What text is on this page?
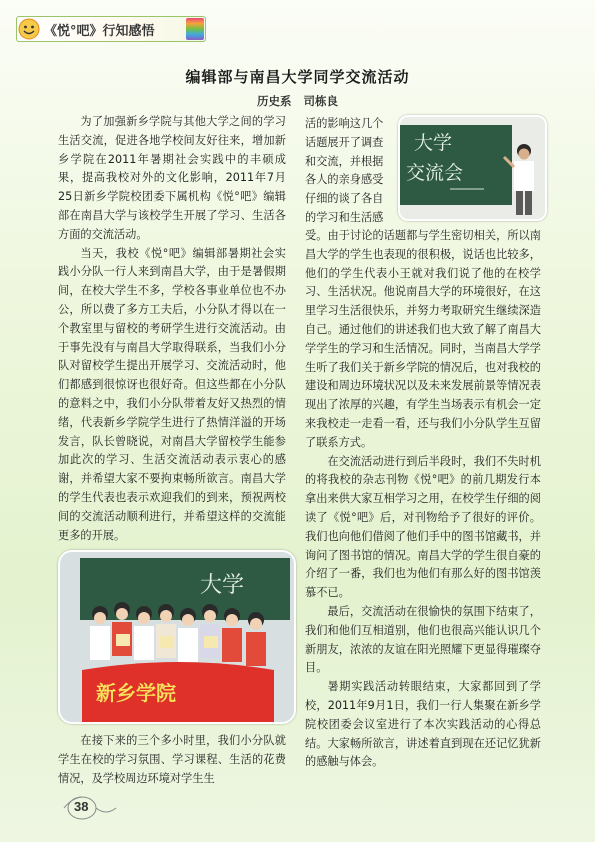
《悦°吧》行知感悟
编辑部与南昌大学同学交流活动
历史系 司栋良

为了加强新乡学院与其他大学之间的学习生活交流，促进各地学校间友好往来，增加新乡学院在2011年暑期社会实践中的丰硕成果，提高我校对外的文化影响，2011年7月25日新乡学院校团委下属机构《悦°吧》编辑部在南昌大学与该校学生开展了学习、生活各方面的交流活动。

当天，我校《悦°吧》编辑部暑期社会实践小分队一行人来到南昌大学，由于是暑假期间，在校大学生不多，学校各事业单位也不办公，所以费了多方工夫后，小分队才得以在一个教室里与留校的考研学生进行交流活动。由于事先没有与南昌大学取得联系，当我们小分队对留校学生提出开展学习、交流活动时，他们都感到很惊讶也很好奇。但这些都在小分队的意料之中，我们小分队带着友好又热烈的情绪，代表新乡学院学生进行了热情洋溢的开场发言，队长曾晓说，对南昌大学留校学生能参加此次的学习、生活交流活动表示衷心的感谢，并希望大家不要拘束畅所欲言。南昌大学的学生代表也表示欢迎我们的到来，预祝两校间的交流活动顺利进行，并希望这样的交流能更多的开展。

大学
新乡学院

在接下来的三个多小时里，我们小分队就学生在校的学习氛围、学习课程、生活的花费情况，及学校周边环境对学生生

活的影响这几个

话题展开了调查

和交流，并根据

各人的亲身感受

仔细的谈了各自

的学习和生活感

大学
交流会

受。由于讨论的话题都与学生密切相关，所以南昌大学的学生也表现的很积极，说话也比较多，他们的学生代表小王就对我们说了他的在校学习、生活状况。他说南昌大学的环境很好，在这里学习生活很快乐，并努力考取研究生继续深造自己。通过他们的讲述我们也大致了解了南昌大学学生的学习和生活情况。同时，当南昌大学学生听了我们关于新乡学院的情况后，也对我校的建设和周边环境状况以及未来发展前景等情况表现出了浓厚的兴趣，有学生当场表示有机会一定来我校走一走看一看，还与我们小分队学生互留了联系方式。

在交流活动进行到后半段时，我们不失时机的将我校的杂志刊物《悦°吧》的前几期发行本拿出来供大家互相学习之用，在校学生仔细的阅读了《悦°吧》后，对刊物给予了很好的评价。我们也向他们借阅了他们手中的图书馆藏书，并询问了图书馆的情况。南昌大学的学生很自豪的介绍了一番，我们也为他们有那么好的图书馆羡慕不已。

最后，交流活动在很愉快的氛围下结束了，我们和他们互相道别，他们也很高兴能认识几个新朋友，浓浓的友谊在阳光照耀下更显得璀璨夺目。

暑期实践活动转眼结束，大家都回到了学校，2011年9月1日，我们一行人集聚在新乡学院校团委会议室进行了本次实践活动的心得总结。大家畅所欲言，讲述着直到现在还记忆犹新的感触与体会。

38
